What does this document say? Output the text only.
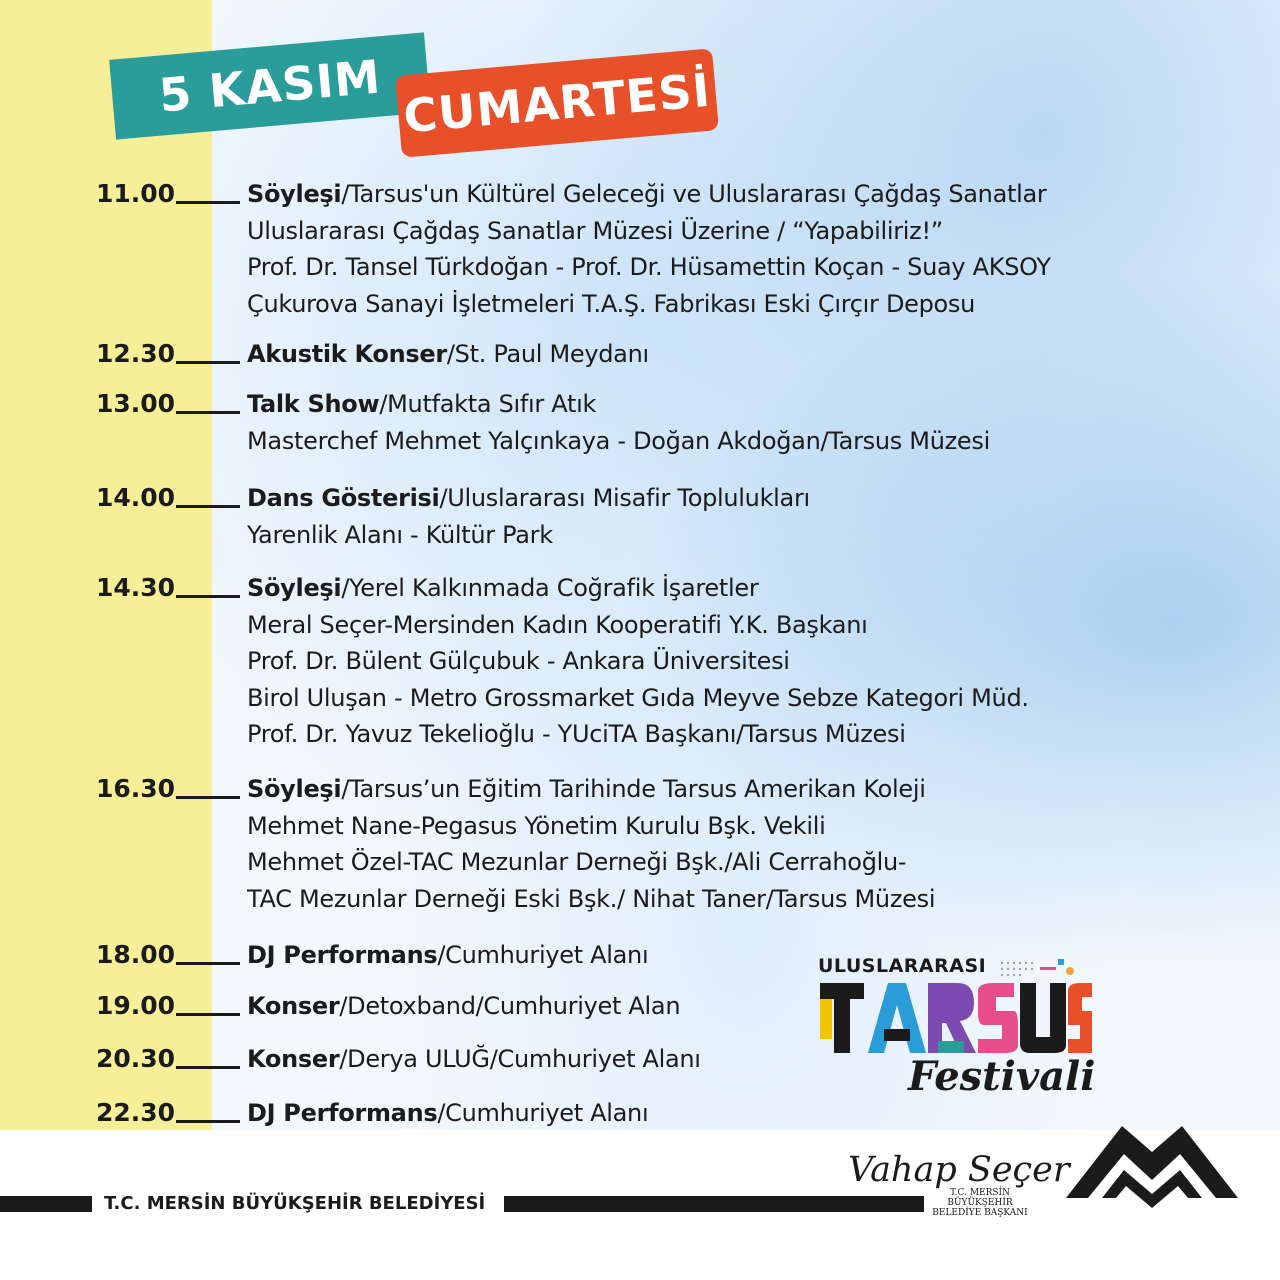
5 KASIM CUMARTESİ
11.00	Söyleşi/Tarsus'un Kültürel Geleceği ve Uluslararası Çağdaş Sanatlar
Uluslararası Çağdaş Sanatlar Müzesi Üzerine / “Yapabiliriz!”
Prof. Dr. Tansel Türkdoğan - Prof. Dr. Hüsamettin Koçan - Suay AKSOY
Çukurova Sanayi İşletmeleri T.A.Ş. Fabrikası Eski Çırçır Deposu
12.30	Akustik Konser/St. Paul Meydanı
13.00	Talk Show/Mutfakta Sıfır Atık
Masterchef Mehmet Yalçınkaya - Doğan Akdoğan/Tarsus Müzesi
14.00	Dans Gösterisi/Uluslararası Misafir Toplulukları
Yarenlik Alanı - Kültür Park
14.30	Söyleşi/Yerel Kalkınmada Coğrafik İşaretler
Meral Seçer-Mersinden Kadın Kooperatifi Y.K. Başkanı
Prof. Dr. Bülent Gülçubuk - Ankara Üniversitesi
Birol Uluşan - Metro Grossmarket Gıda Meyve Sebze Kategori Müd.
Prof. Dr. Yavuz Tekelioğlu - YUciTA Başkanı/Tarsus Müzesi
16.30	Söyleşi/Tarsus’un Eğitim Tarihinde Tarsus Amerikan Koleji
Mehmet Nane-Pegasus Yönetim Kurulu Bşk. Vekili
Mehmet Özel-TAC Mezunlar Derneği Bşk./Ali Cerrahoğlu-
TAC Mezunlar Derneği Eski Bşk./ Nihat Taner/Tarsus Müzesi
18.00	DJ Performans/Cumhuriyet Alanı
19.00	Konser/Detoxband/Cumhuriyet Alan
20.30	Konser/Derya ULUĞ/Cumhuriyet Alanı
22.30	DJ Performans/Cumhuriyet Alanı
ULUSLARARASI
Festivali
Vahap Seçer
T.C. MERSİN BÜYÜKŞEHİR
BELEDİYE BAŞKANI
T.C. MERSİN BÜYÜKŞEHİR BELEDİYESİ
